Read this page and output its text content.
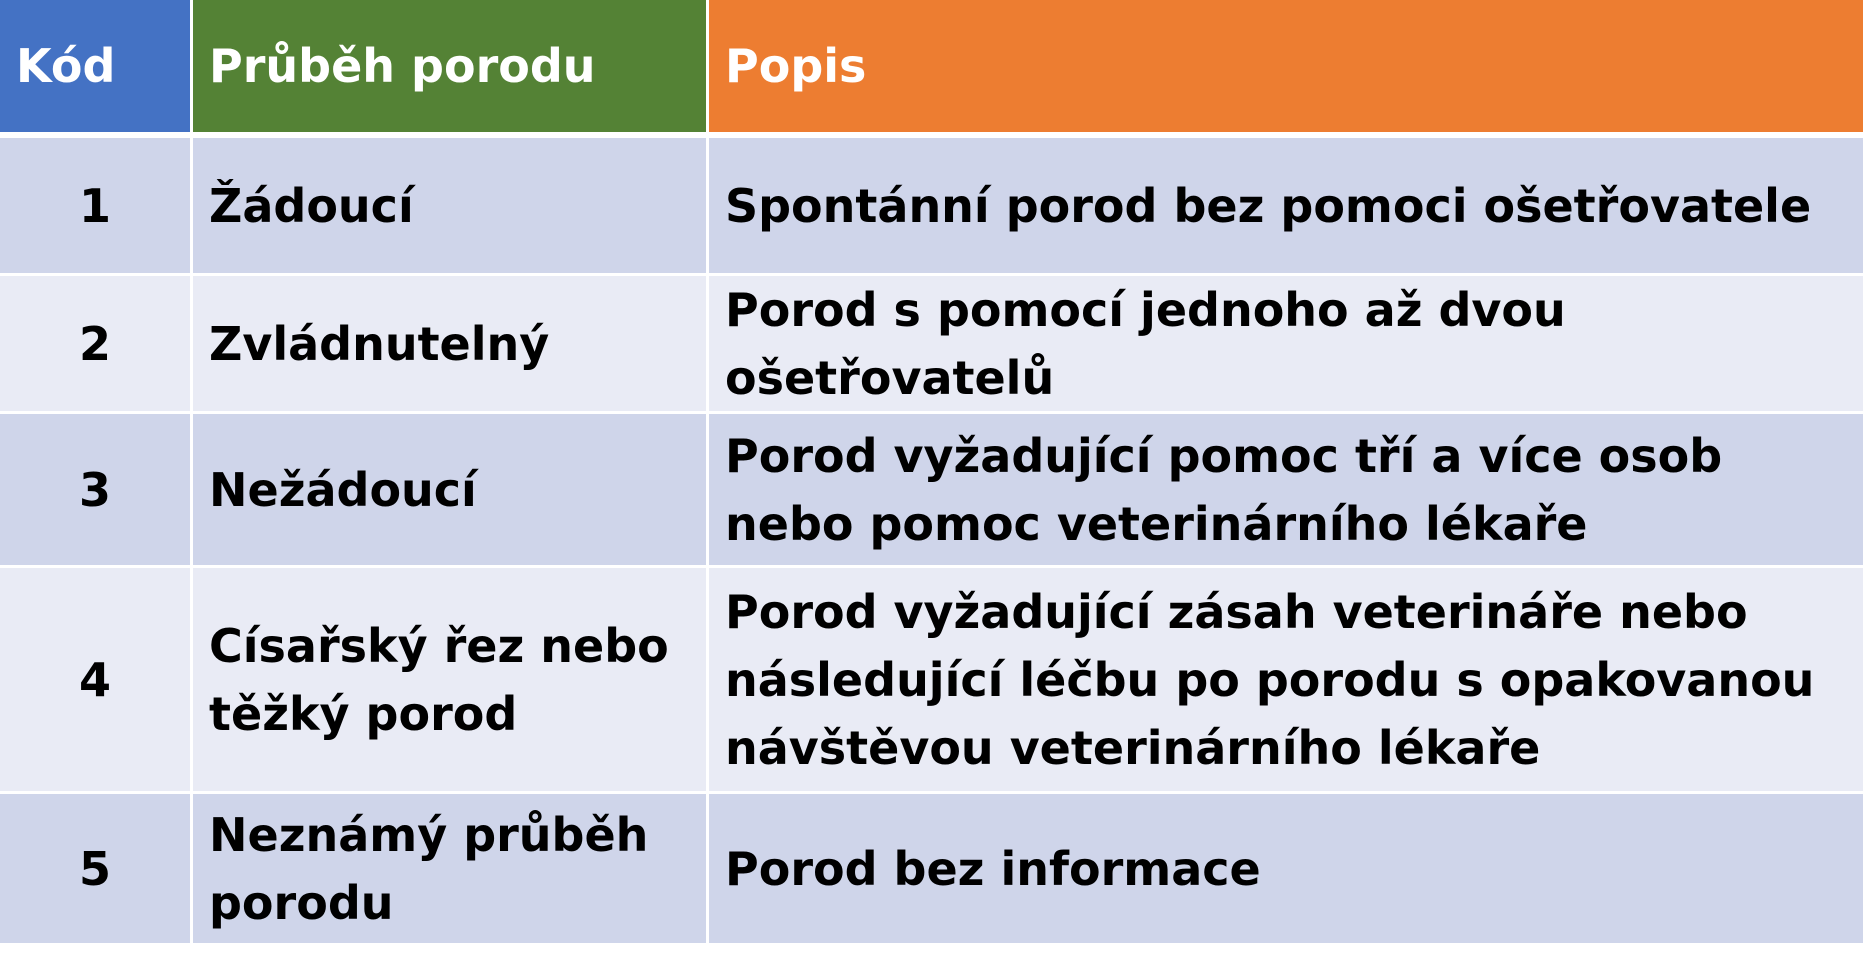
Kód Průběh porodu	Popis
1 Žádoucí	Spontánní porod bez pomoci ošetřovatele
2 Zvládnutelný
Porod s pomocí jednoho až dvou ošetřovatelů
3 Nežádoucí
Porod vyžadující pomoc tří a více osob nebo pomoc veterinárního lékaře
4
Císařský řez nebo těžký porod
Porod vyžadující zásah veterináře nebo následující léčbu po porodu s opakovanou návštěvou veterinárního lékaře
5
Neznámý průběh porodu
Porod bez informace
